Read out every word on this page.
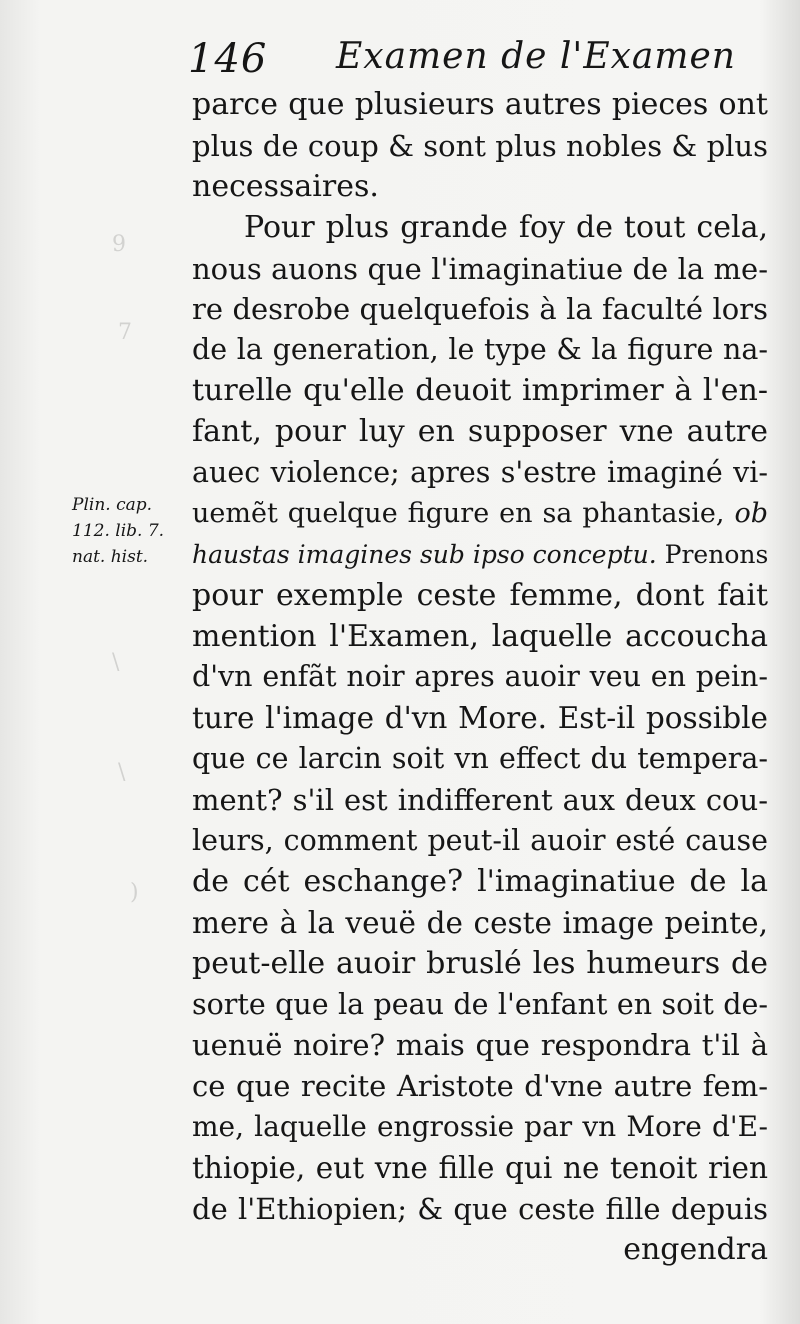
9
7
\
\
)
146 Examen de l'Examen
Plin. cap.
112. lib. 7.
nat. hist.
parce que plusieurs autres pieces ont
plus de coup & sont plus nobles & plus
necessaires.
Pour plus grande foy de tout cela,
nous auons que l'imaginatiue de la me-
re desrobe quelquefois à la faculté lors
de la generation, le type & la figure na-
turelle qu'elle deuoit imprimer à l'en-
fant, pour luy en supposer vne autre
auec violence; apres s'estre imaginé vi-
uemẽt quelque figure en sa phantasie, ob
haustas imagines sub ipso conceptu. Prenons
pour exemple ceste femme, dont fait
mention l'Examen, laquelle accoucha
d'vn enfãt noir apres auoir veu en pein-
ture l'image d'vn More. Est-il possible
que ce larcin soit vn effect du tempera-
ment? s'il est indifferent aux deux cou-
leurs, comment peut-il auoir esté cause
de cét eschange? l'imaginatiue de la
mere à la veuë de ceste image peinte,
peut-elle auoir bruslé les humeurs de
sorte que la peau de l'enfant en soit de-
uenuë noire? mais que respondra t'il à
ce que recite Aristote d'vne autre fem-
me, laquelle engrossie par vn More d'E-
thiopie, eut vne fille qui ne tenoit rien
de l'Ethiopien; & que ceste fille depuis
engendra
